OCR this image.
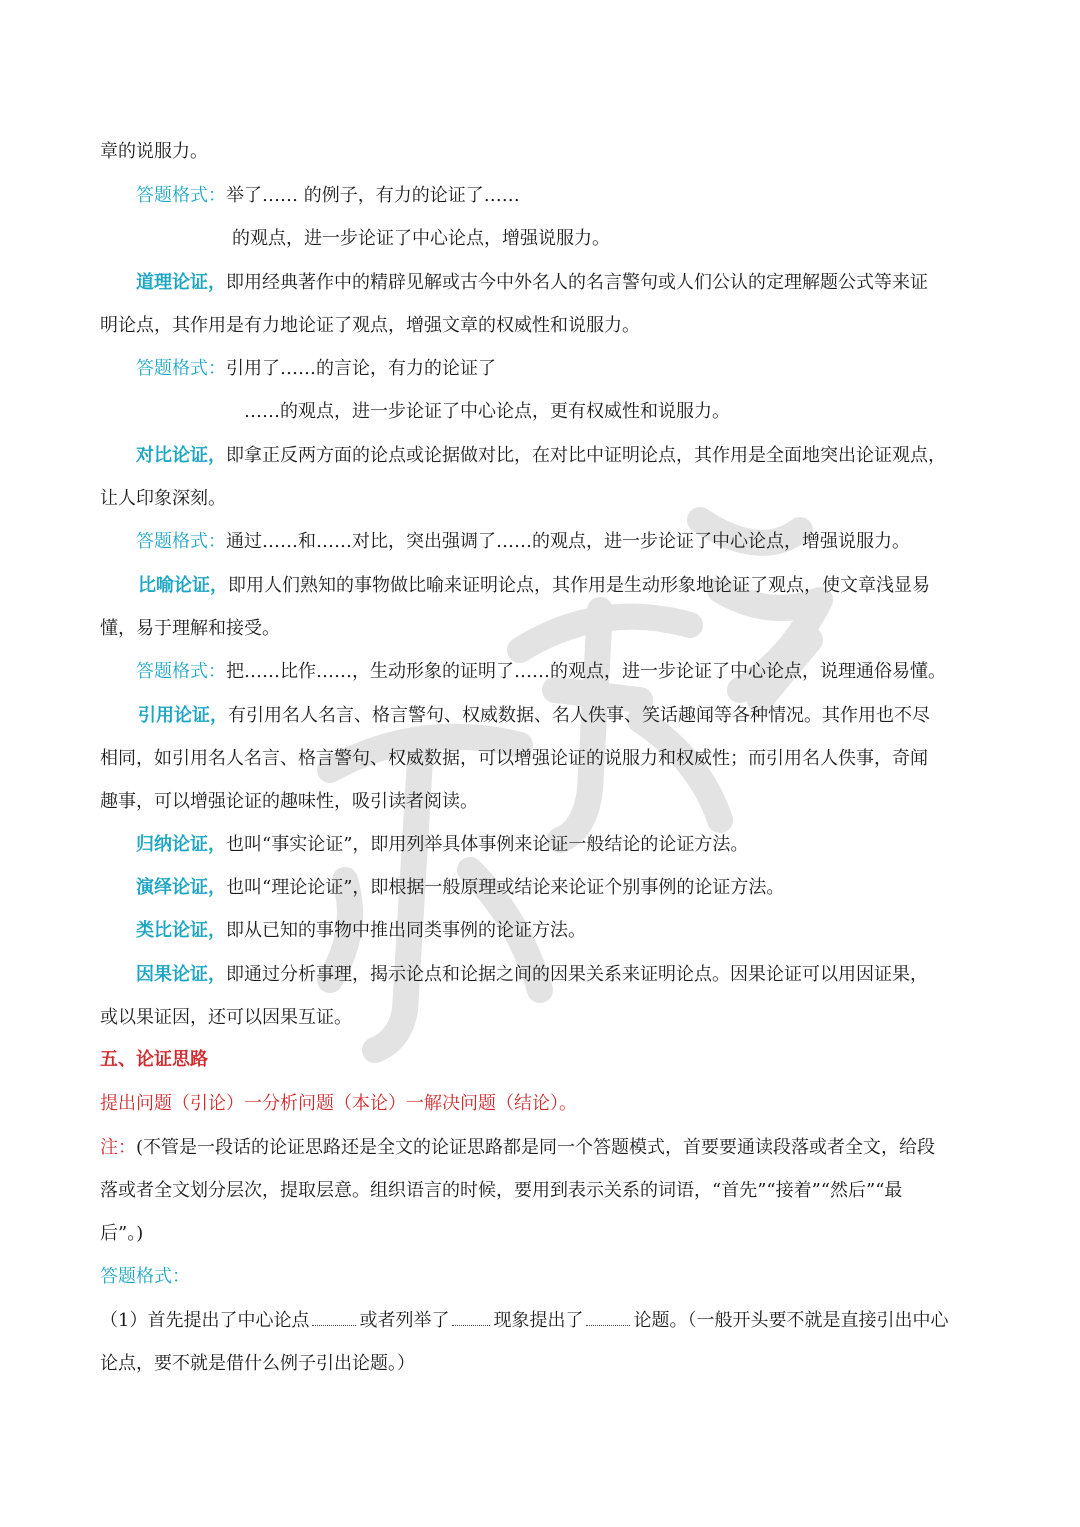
章的说服力。
答题格式：举了…… 的例子，有力的论证了……
的观点，进一步论证了中心论点，增强说服力。
道理论证，即用经典著作中的精辟见解或古今中外名人的名言警句或人们公认的定理解题公式等来证
明论点，其作用是有力地论证了观点，增强文章的权威性和说服力。
答题格式：引用了……的言论，有力的论证了
……的观点，进一步论证了中心论点，更有权威性和说服力。
对比论证，即拿正反两方面的论点或论据做对比，在对比中证明论点，其作用是全面地突出论证观点，
让人印象深刻。
答题格式：通过……和……对比，突出强调了……的观点，进一步论证了中心论点，增强说服力。
比喻论证，即用人们熟知的事物做比喻来证明论点，其作用是生动形象地论证了观点，使文章浅显易
懂，易于理解和接受。
答题格式：把……比作……，生动形象的证明了……的观点，进一步论证了中心论点，说理通俗易懂。
引用论证，有引用名人名言、格言警句、权威数据、名人佚事、笑话趣闻等各种情况。其作用也不尽
相同，如引用名人名言、格言警句、权威数据，可以增强论证的说服力和权威性；而引用名人佚事，奇闻
趣事，可以增强论证的趣味性，吸引读者阅读。
归纳论证，也叫“事实论证”，即用列举具体事例来论证一般结论的论证方法。
演绎论证，也叫“理论论证”，即根据一般原理或结论来论证个别事例的论证方法。
类比论证，即从已知的事物中推出同类事例的论证方法。
因果论证，即通过分析事理，揭示论点和论据之间的因果关系来证明论点。因果论证可以用因证果，
或以果证因，还可以因果互证。
五、论证思路
提出问题（引论）一分析问题（本论）一解决问题（结论）。
注：(不管是一段话的论证思路还是全文的论证思路都是同一个答题模式，首要要通读段落或者全文，给段
落或者全文划分层次，提取层意。组织语言的时候，要用到表示关系的词语，“首先”“接着”“然后”“最
后”。)
答题格式：
（1）首先提出了中心论点	或者列举了 现象提出了	论题。（一般开头要不就是直接引出中心
论点，要不就是借什么例子引出论题。）
